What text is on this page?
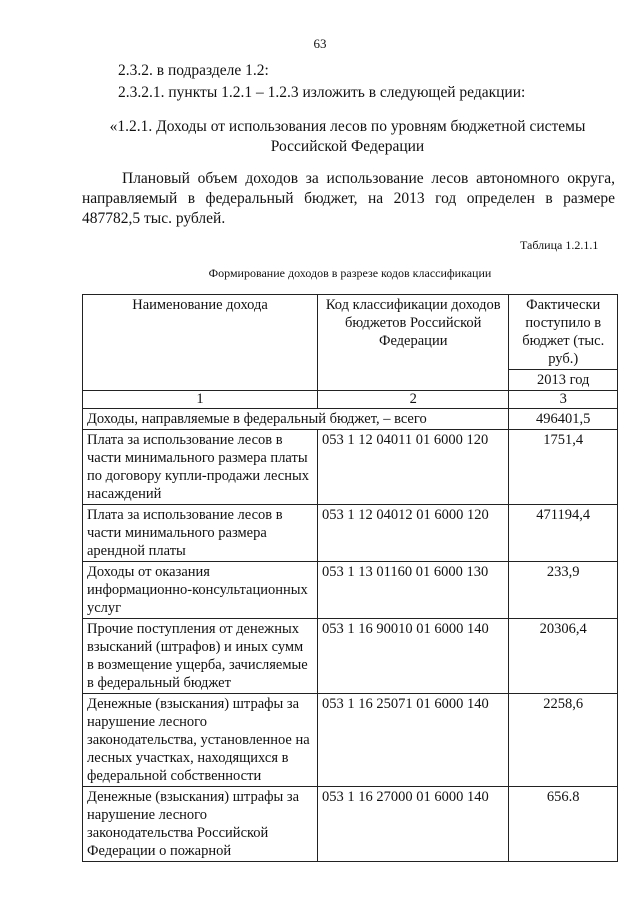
63
2.3.2. в подразделе 1.2:
2.3.2.1. пункты 1.2.1 – 1.2.3 изложить в следующей редакции:
«1.2.1. Доходы от использования лесов по уровням бюджетной системы
Российской Федерации
Плановый объем доходов за использование лесов автономного округа,
направляемый в федеральный бюджет, на 2013 год определен в размере
487782,5 тыс. рублей.
Таблица 1.2.1.1
Формирование доходов в разрезе кодов классификации
Наименование дохода	Код классификации доходов бюджетов Российской Федерации	Фактически поступило в бюджет (тыс. руб.)
		2013 год
1	2	3
Доходы, направляемые в федеральный бюджет, – всего		496401,5
Плата за использование лесов в части минимального размера платы по договору купли-продажи лесных насаждений	053 1 12 04011 01 6000 120	1751,4
Плата за использование лесов в части минимального размера арендной платы	053 1 12 04012 01 6000 120	471194,4
Доходы от оказания информационно-консультационных услуг	053 1 13 01160 01 6000 130	233,9
Прочие поступления от денежных взысканий (штрафов) и иных сумм в возмещение ущерба, зачисляемые в федеральный бюджет	053 1 16 90010 01 6000 140	20306,4
Денежные (взыскания) штрафы за нарушение лесного законодательства, установленное на лесных участках, находящихся в федеральной собственности	053 1 16 25071 01 6000 140	2258,6
Денежные (взыскания) штрафы за нарушение лесного законодательства Российской Федерации о пожарной	053 1 16 27000 01 6000 140	656.8
